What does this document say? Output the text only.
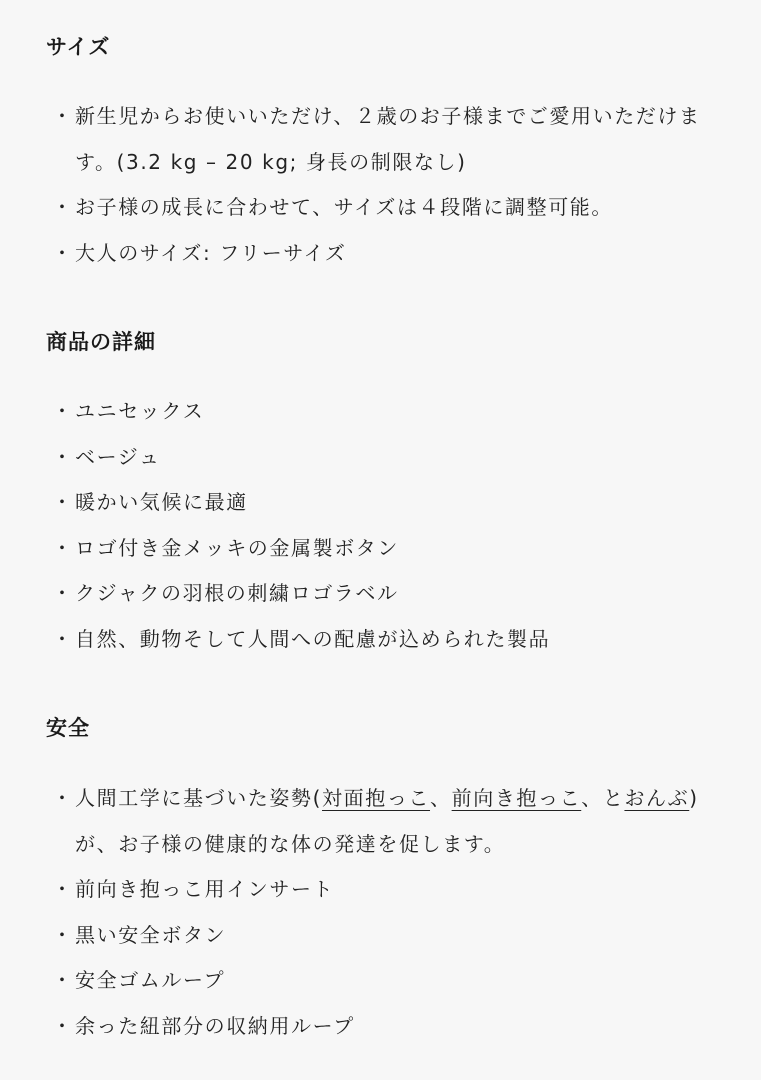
サイズ
・ 新生児からお使いいただけ、２歳のお子様までご愛用いただけます。(3.2 kg – 20 kg; 身長の制限なし)
・ お子様の成長に合わせて、サイズは４段階に調整可能。
・ 大人のサイズ: フリーサイズ
商品の詳細
・ ユニセックス
・ ベージュ
・ 暖かい気候に最適
・ ロゴ付き金メッキの金属製ボタン
・ クジャクの羽根の刺繍ロゴラベル
・ 自然、動物そして人間への配慮が込められた製品
安全
・ 人間工学に基づいた姿勢(対面抱っこ、前向き抱っこ、とおんぶ)が、お子様の健康的な体の発達を促します。
・ 前向き抱っこ用インサート
・ 黒い安全ボタン
・ 安全ゴムループ
・ 余った紐部分の収納用ループ
